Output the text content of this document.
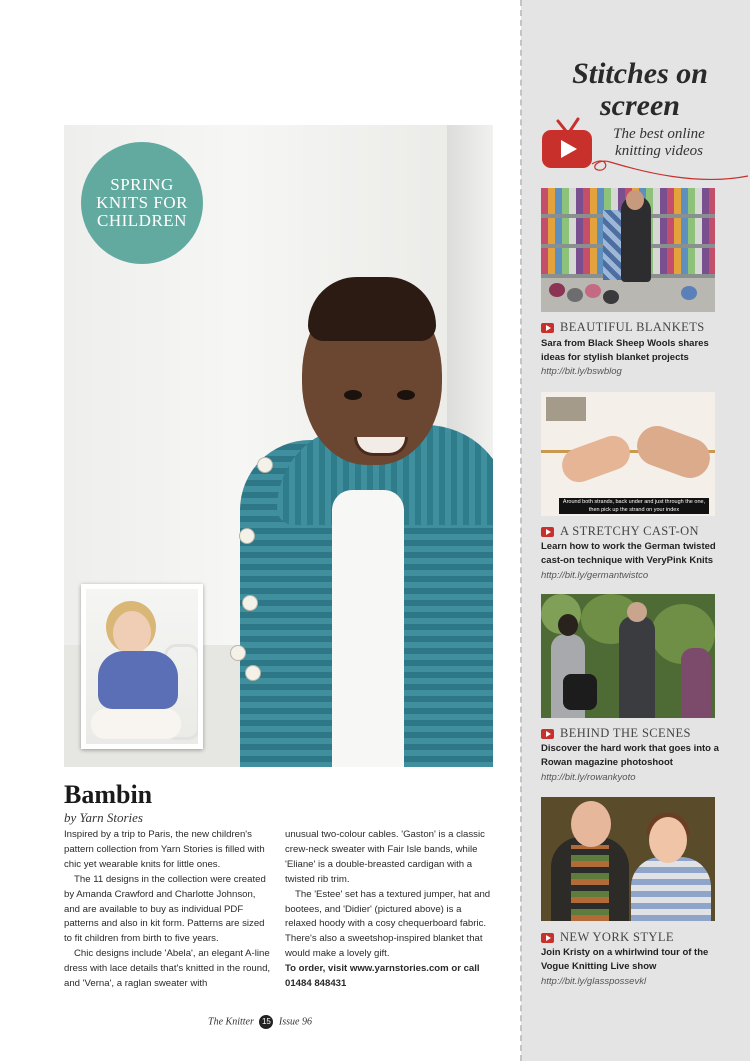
SPRING KNITS FOR CHILDREN
Bambin
by Yarn Stories

Inspired by a trip to Paris, the new children's pattern collection from Yarn Stories is filled with chic yet wearable knits for little ones.

The 11 designs in the collection were created by Amanda Crawford and Charlotte Johnson, and are available to buy as individual PDF patterns and also in kit form. Patterns are sized to fit children from birth to five years.

Chic designs include 'Abela', an elegant A-line dress with lace details that's knitted in the round, and 'Verna', a raglan sweater with

unusual two-colour cables. 'Gaston' is a classic crew-neck sweater with Fair Isle bands, while 'Eliane' is a double-breasted cardigan with a twisted rib trim.

The 'Estee' set has a textured jumper, hat and bootees, and 'Didier' (pictured above) is a relaxed hoody with a cosy chequerboard fabric. There's also a sweetshop-inspired blanket that would make a lovely gift.

To order, visit www.yarnstories.com or call 01484 848431

The Knitter 15 Issue 96
Stitches on screen
The best online knitting videos
BEAUTIFUL BLANKETS
Sara from Black Sheep Wools shares ideas for stylish blanket projects
http://bit.ly/bswblog
Around both strands, back under and just through the one, then pick up the strand on your index
A STRETCHY CAST-ON
Learn how to work the German twisted cast-on technique with VeryPink Knits
http://bit.ly/germantwistco
BEHIND THE SCENES
Discover the hard work that goes into a Rowan magazine photoshoot
http://bit.ly/rowankyoto
NEW YORK STYLE
Join Kristy on a whirlwind tour of the Vogue Knitting Live show
http://bit.ly/glasspossevkl
